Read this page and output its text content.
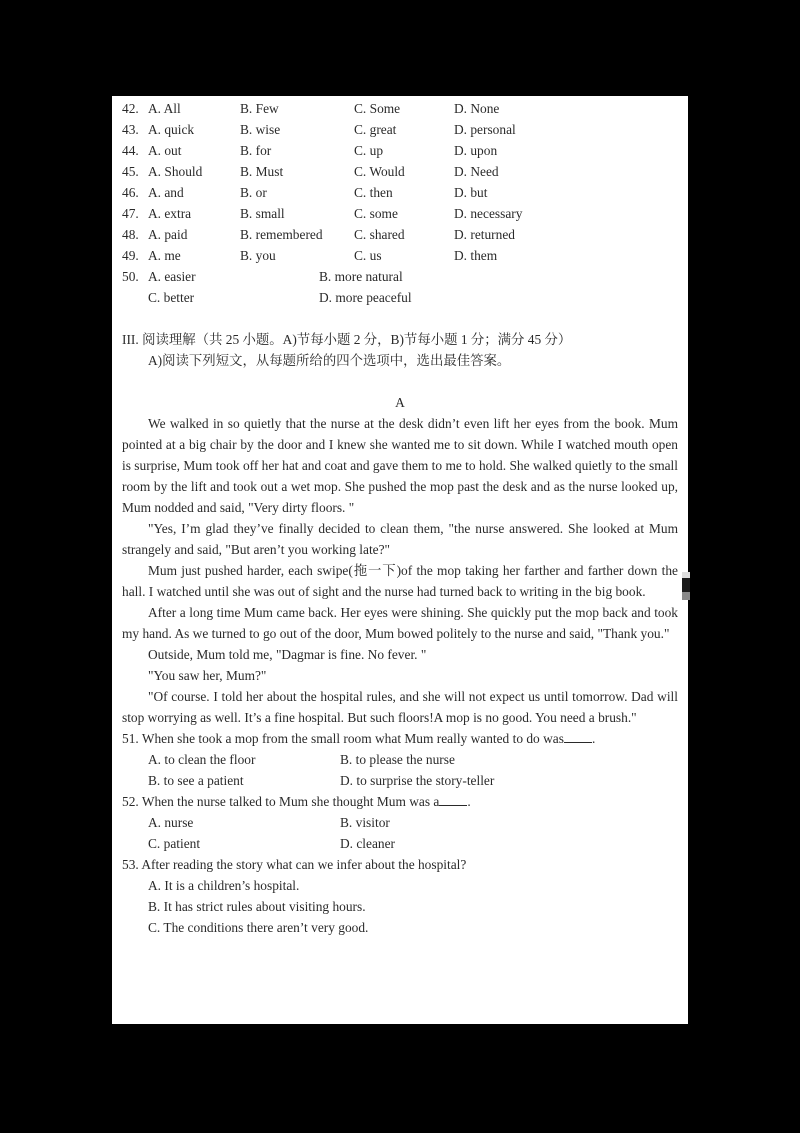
42. A. All	B. Few	C. Some	D. None
43. A. quick	B. wise	C. great	D. personal
44. A. out	B. for	C. up	D. upon
45. A. Should	B. Must	C. Would	D. Need
46. A. and	B. or	C. then	D. but
47. A. extra	B. small	C. some	D. necessary
48. A. paid	B. remembered C. shared	D. returned
49. A. me	B. you	C. us	D. them
50. A. easier	B. more natural
C. better	D. more peaceful
III. 阅读理解（共 25 小题。A)节每小题 2 分，B)节每小题 1 分；满分 45 分）
A)阅读下列短文，从每题所给的四个选项中，选出最佳答案。
A

We walked in so quietly that the nurse at the desk didn’t even lift her eyes from the book. Mum pointed at a big chair by the door and I knew she wanted me to sit down. While I watched mouth open is surprise, Mum took off her hat and coat and gave them to me to hold. She walked quietly to the small room by the lift and took out a wet mop. She pushed the mop past the desk and as the nurse looked up, Mum nodded and said, "Very dirty floors. "

"Yes, I’m glad they’ve finally decided to clean them, "the nurse answered. She looked at Mum strangely and said, "But aren’t you working late?"

Mum just pushed harder, each swipe(拖一下)of the mop taking her farther and farther down the hall. I watched until she was out of sight and the nurse had turned back to writing in the big book.

After a long time Mum came back. Her eyes were shining. She quickly put the mop back and took my hand. As we turned to go out of the door, Mum bowed politely to the nurse and said, "Thank you."

Outside, Mum told me, "Dagmar is fine. No fever. "

"You saw her, Mum?"

"Of course. I told her about the hospital rules, and she will not expect us until tomorrow. Dad will stop worrying as well. It’s a fine hospital. But such floors!A mop is no good. You need a brush."

51. When she took a mop from the small room what Mum really wanted to do was .
A. to clean the floor	B. to please the nurse
B. to see a patient	D. to surprise the story-teller
52. When the nurse talked to Mum she thought Mum was a .
A. nurse	B. visitor
C. patient	D. cleaner
53. After reading the story what can we infer about the hospital?
A. It is a children’s hospital.
B. It has strict rules about visiting hours.
C. The conditions there aren’t very good.
